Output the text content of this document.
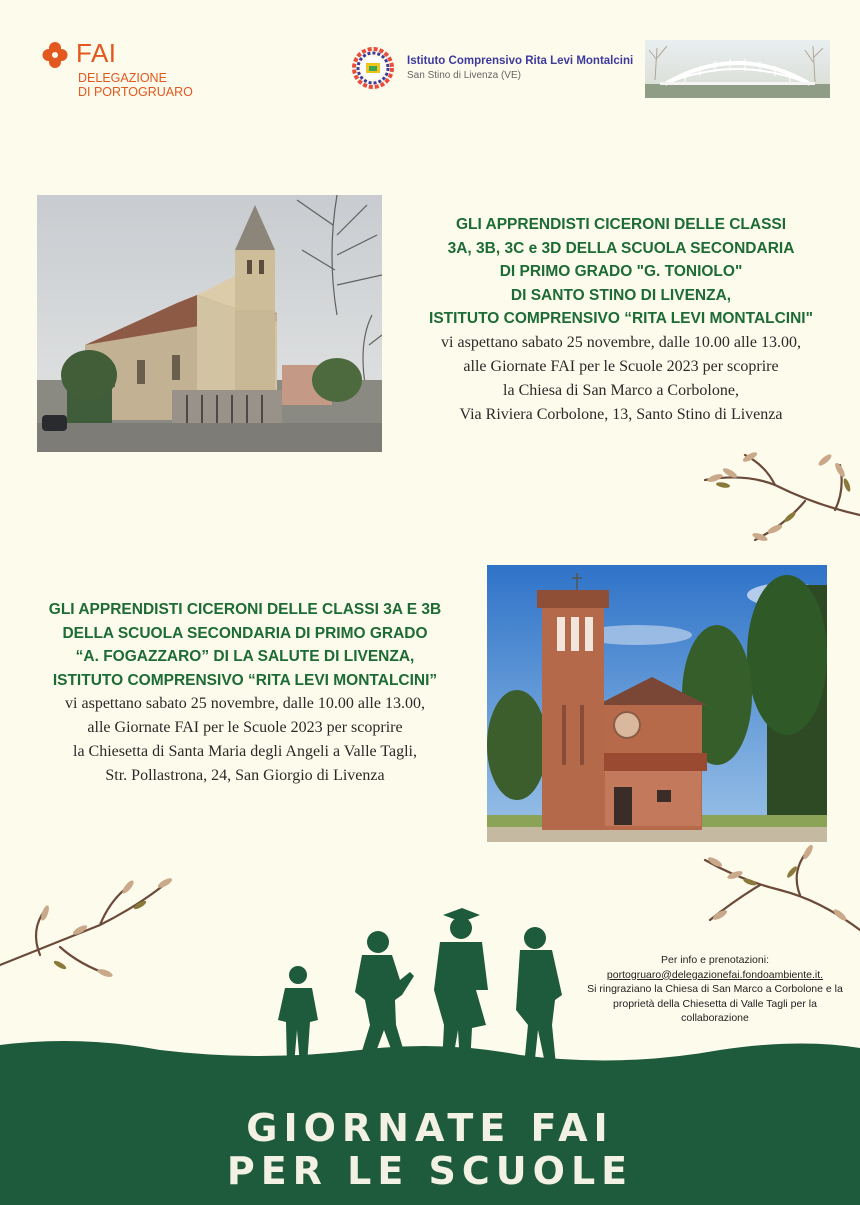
FAI
DELEGAZIONE
DI PORTOGRUARO
Istituto Comprensivo Rita Levi Montalcini
San Stino di Livenza (VE)
GLI APPRENDISTI CICERONI DELLE CLASSI
3A, 3B, 3C e 3D DELLA SCUOLA SECONDARIA
DI PRIMO GRADO "G. TONIOLO"
DI SANTO STINO DI LIVENZA,
ISTITUTO COMPRENSIVO “RITA LEVI MONTALCINI"
vi aspettano sabato 25 novembre, dalle 10.00 alle 13.00,
alle Giornate FAI per le Scuole 2023 per scoprire
la Chiesa di San Marco a Corbolone,
Via Riviera Corbolone, 13, Santo Stino di Livenza
GLI APPRENDISTI CICERONI DELLE CLASSI 3A E 3B
DELLA SCUOLA SECONDARIA DI PRIMO GRADO
“A. FOGAZZARO” DI LA SALUTE DI LIVENZA,
ISTITUTO COMPRENSIVO “RITA LEVI MONTALCINI”
vi aspettano sabato 25 novembre, dalle 10.00 alle 13.00,
alle Giornate FAI per le Scuole 2023 per scoprire
la Chiesetta di Santa Maria degli Angeli a Valle Tagli,
Str. Pollastrona, 24, San Giorgio di Livenza
Per info e prenotazioni:
portogruaro@delegazionefai.fondoambiente.it.
Si ringraziano la Chiesa di San Marco a Corbolone e la proprietà della Chiesetta di Valle Tagli per la collaborazione
GIORNATE FAI
PER LE SCUOLE
